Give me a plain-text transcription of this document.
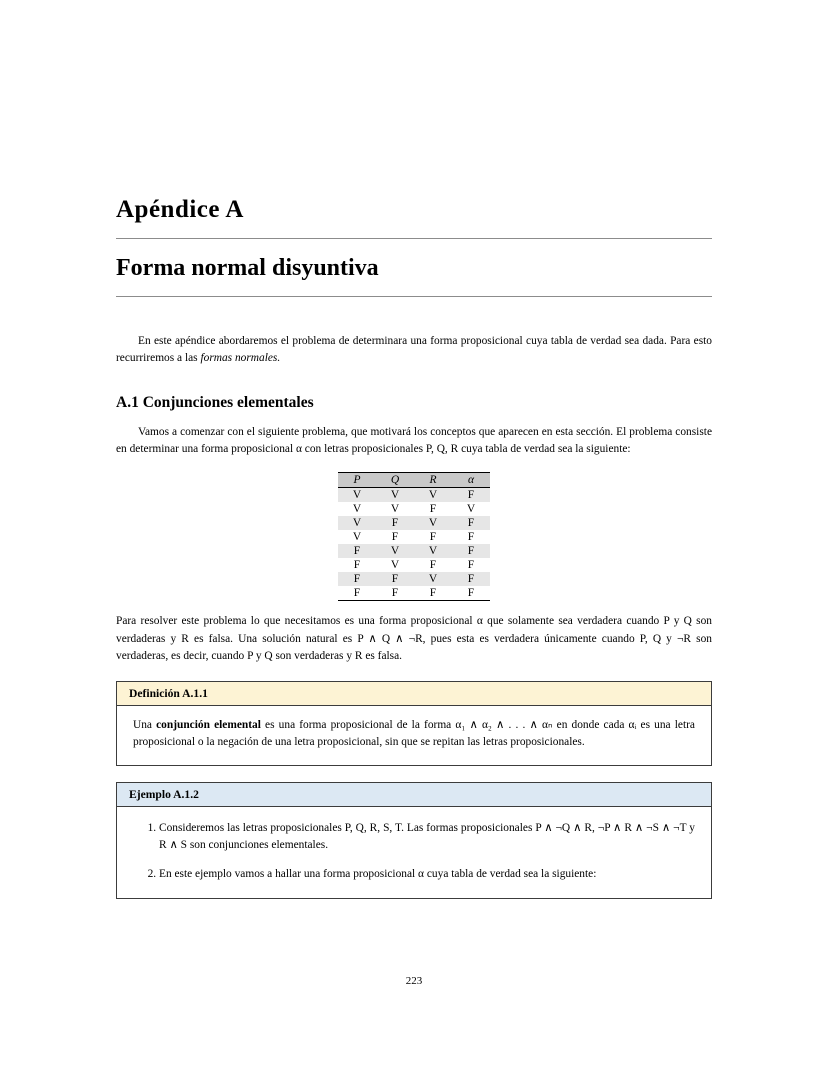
Apéndice A
Forma normal disyuntiva

En este apéndice abordaremos el problema de determinara una forma proposicional cuya tabla de verdad sea dada. Para esto recurriremos a las formas normales.

A.1 Conjunciones elementales

Vamos a comenzar con el siguiente problema, que motivará los conceptos que aparecen en esta sección. El problema consiste en determinar una forma proposicional α con letras proposicionales P, Q, R cuya tabla de verdad sea la siguiente:

P	Q	R	α
V	V	V	F
V	V	F	V
V	F	V	F
V	F	F	F
F	V	V	F
F	V	F	F
F	F	V	F
F	F	F	F

Para resolver este problema lo que necesitamos es una forma proposicional α que solamente sea verdadera cuando P y Q son verdaderas y R es falsa. Una solución natural es P ∧ Q ∧ ¬R, pues esta es verdadera únicamente cuando P, Q y ¬R son verdaderas, es decir, cuando P y Q son verdaderas y R es falsa.

Definición A.1.1
Una conjunción elemental es una forma proposicional de la forma α₁ ∧ α₂ ∧ . . . ∧ αₙ en donde cada αᵢ es una letra proposicional o la negación de una letra proposicional, sin que se repitan las letras proposicionales.
Ejemplo A.1.2
1. Consideremos las letras proposicionales P, Q, R, S, T. Las formas proposicionales P ∧ ¬Q ∧ R, ¬P ∧ R ∧ ¬S ∧ ¬T y R ∧ S son conjunciones elementales.
2. En este ejemplo vamos a hallar una forma proposicional α cuya tabla de verdad sea la siguiente:
223
